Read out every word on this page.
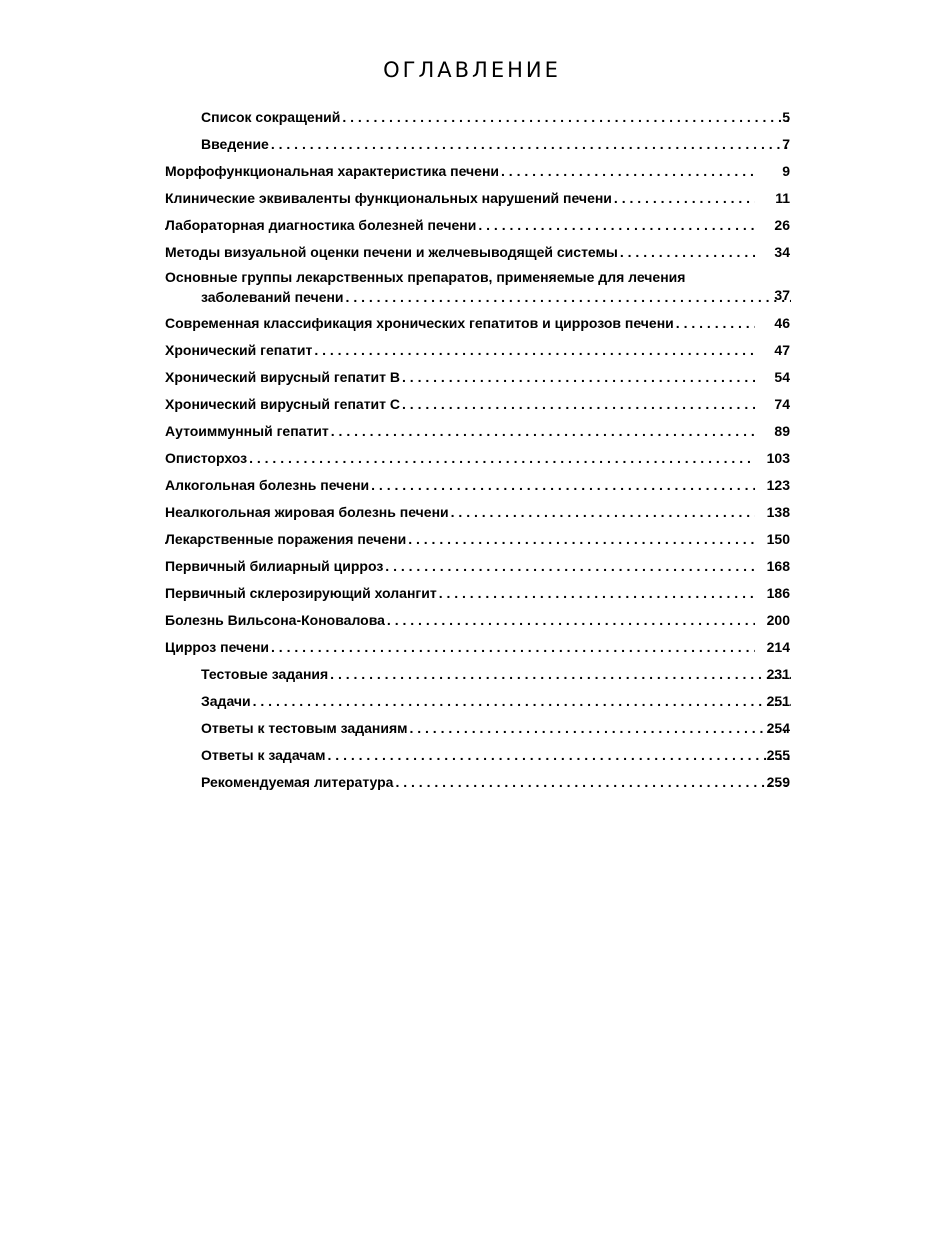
ОГЛАВЛЕНИЕ
Список сокращений . . .	5
Введение . . .	7
Морфофункциональная характеристика печени . . .	9
Клинические эквиваленты функциональных нарушений печени . . .	11
Лабораторная диагностика болезней печени . . .	26
Методы визуальной оценки печени и желчевыводящей системы . . .	34
Основные группы лекарственных препаратов, применяемые для лечения
заболеваний печени . . .	37
Современная классификация хронических гепатитов и циррозов печени . . .	46
Хронический гепатит . . .	47
Хронический вирусный гепатит В . . .	54
Хронический вирусный гепатит С . . .	74
Аутоиммунный гепатит . . .	89
Описторхоз . . .	103
Алкогольная болезнь печени . . .	123
Неалкогольная жировая болезнь печени . . .	138
Лекарственные поражения печени . . .	150
Первичный билиарный цирроз . . .	168
Первичный склерозирующий холангит . . .	186
Болезнь Вильсона-Коновалова . . .	200
Цирроз печени . . .	214
Тестовые задания . . .	231
Задачи . . .	251
Ответы к тестовым заданиям . . .	254
Ответы к задачам . . .	255
Рекомендуемая литература . . .	259
